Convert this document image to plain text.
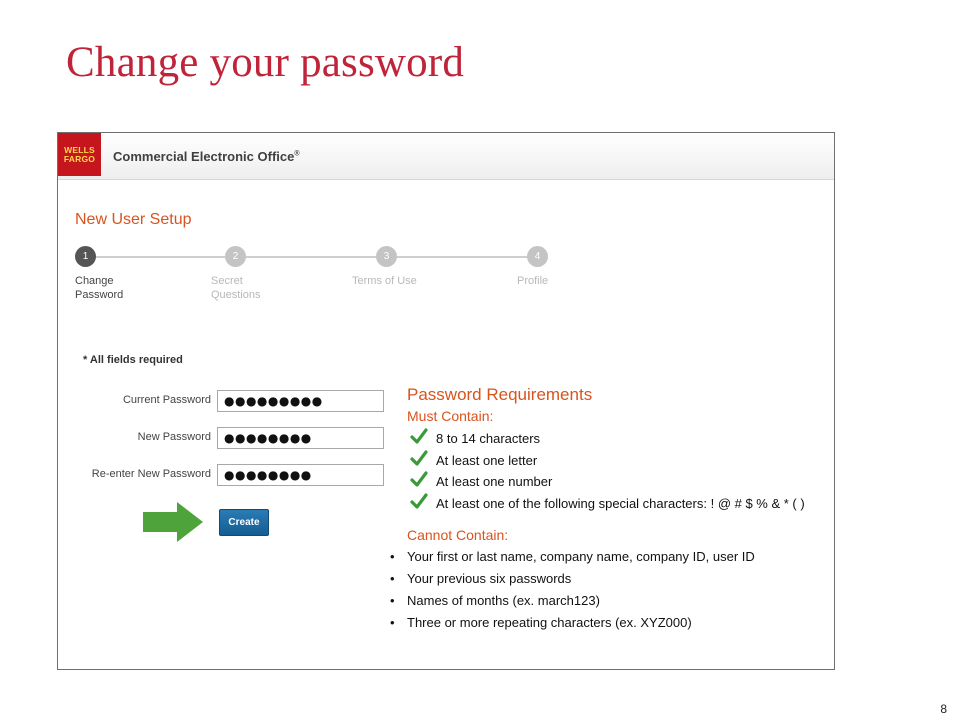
Change your password
WELLS
FARGO Commercial Electronic Office®
New User Setup
1
Change
Password
2
Secret
Questions
3
Terms of Use
4
Profile
* All fields required
Current Password	●●●●●●●●●
New Password	●●●●●●●●
Re-enter New Password	●●●●●●●●
Create
Password Requirements
Must Contain:
8 to 14 characters
At least one letter
At least one number
At least one of the following special characters: ! @ # $ % & * ( )
Cannot Contain:
• Your first or last name, company name, company ID, user ID
• Your previous six passwords
• Names of months (ex. march123)
• Three or more repeating characters (ex. XYZ000)
8
